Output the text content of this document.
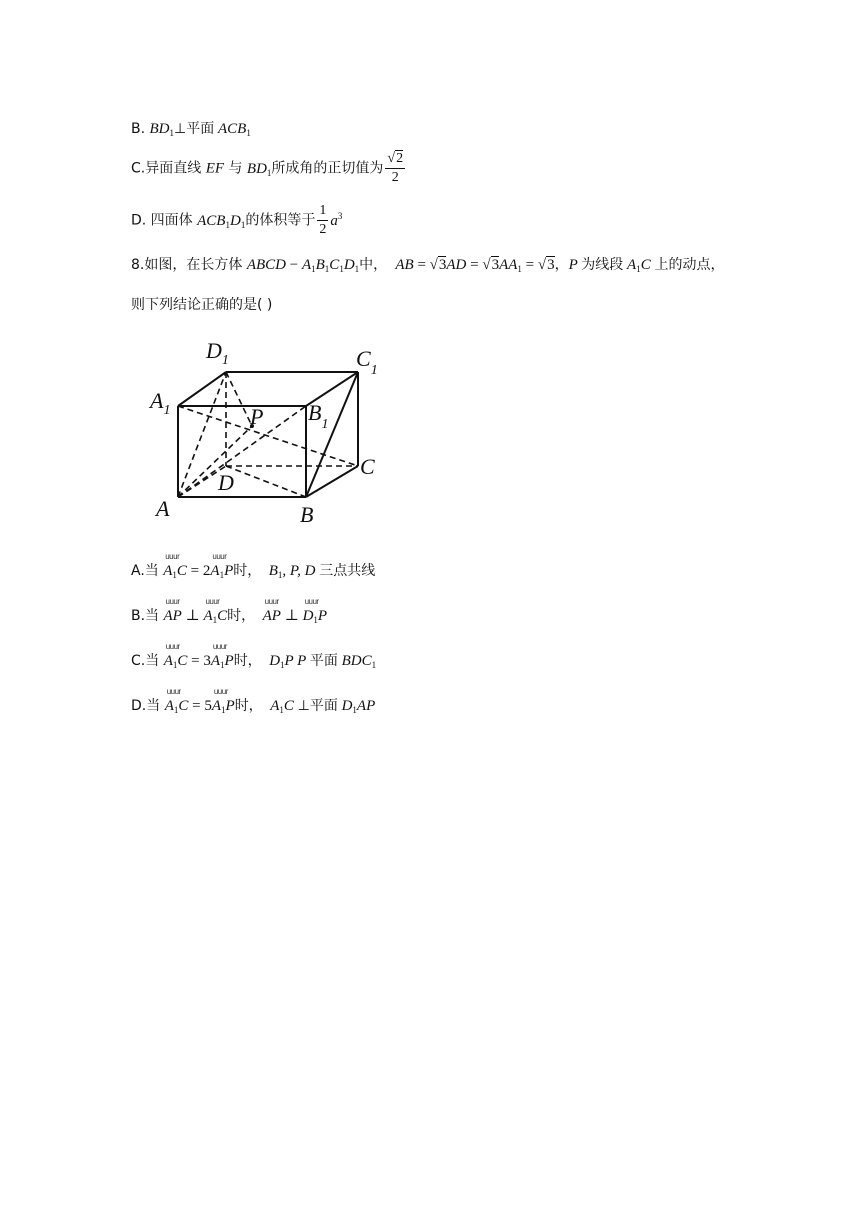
B. $BD_1\perp$平面 $ACB_1$
C.异面直线 EF 与 $BD_1$所成角的正切值为 $\frac{√2}{2}$
D. 四面体 $ACB_1D_1$的体积等于 $\frac{1}{2} a^3$
8.如图，在长方体 ABCD − $A_1B_1C_1D_1$中，  AB = $√3AD = √3AA_1 = √3$，P 为线段 $A_1C$ 上的动点，
则下列结论正确的是( )
$D_1$	$C_1$
$A_1$	$B_1$
P
C
D
A	B
A.当 $A_1C$
uuur
= $2A_1P$
uuur
时，  $B_1$, P, D 三点共线
B.当 AP
uuur
⊥ $A_1C$
uuur
时， AP
uuur
⊥ $D_1P$
uuur
C.当 $A_1C$
uuur
= $3A_1P$
uuur
时，  $D_1P$ P 平面 $BDC_1$
D.当 $A_1C$
uuur
= $5A_1P$
uuur
时，  $A_1C$ ⊥平面 $D_1AP$
